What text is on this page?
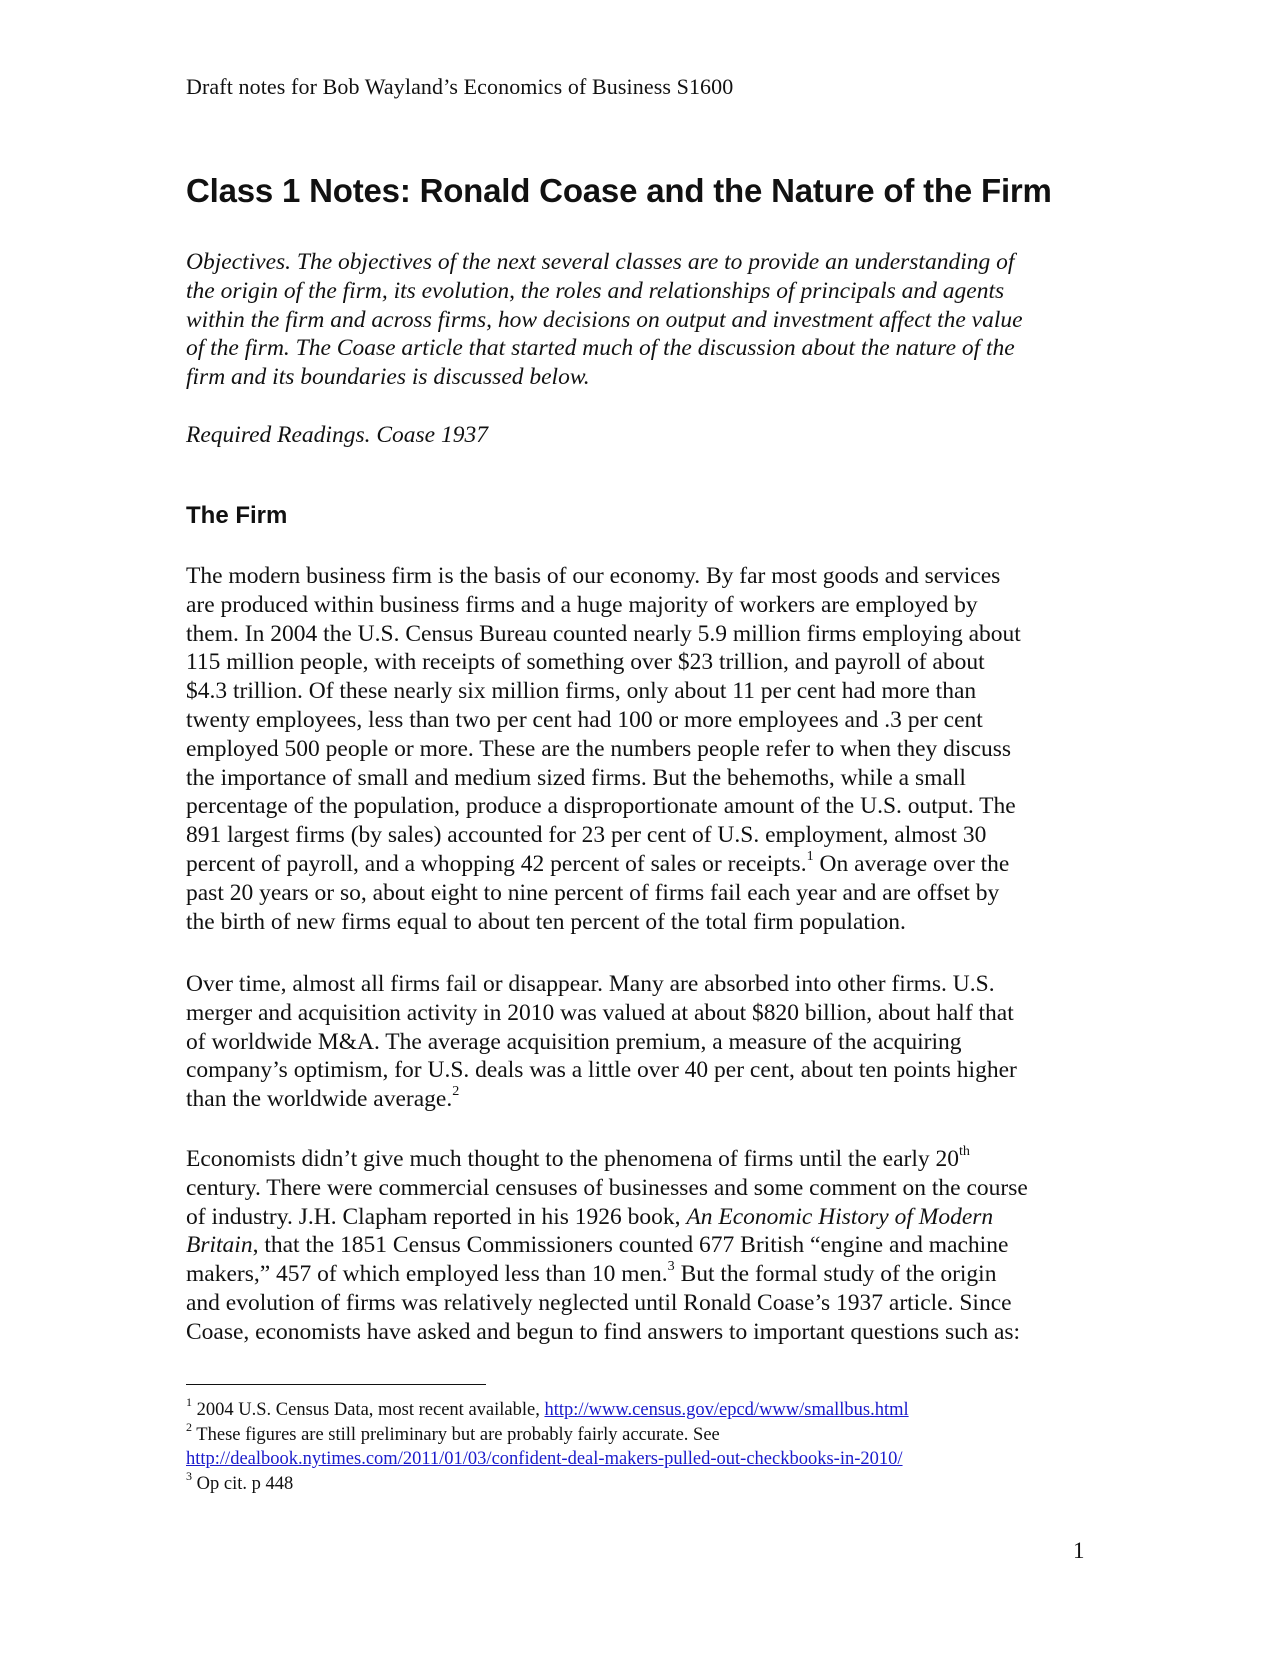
Draft notes for Bob Wayland’s Economics of Business S1600
Class 1 Notes: Ronald Coase and the Nature of the Firm

Objectives. The objectives of the next several classes are to provide an understanding of
the origin of the firm, its evolution, the roles and relationships of principals and agents
within the firm and across firms, how decisions on output and investment affect the value
of the firm. The Coase article that started much of the discussion about the nature of the
firm and its boundaries is discussed below.

Required Readings. Coase 1937

The Firm

The modern business firm is the basis of our economy. By far most goods and services
are produced within business firms and a huge majority of workers are employed by
them. In 2004 the U.S. Census Bureau counted nearly 5.9 million firms employing about
115 million people, with receipts of something over $23 trillion, and payroll of about
$4.3 trillion. Of these nearly six million firms, only about 11 per cent had more than
twenty employees, less than two per cent had 100 or more employees and .3 per cent
employed 500 people or more. These are the numbers people refer to when they discuss
the importance of small and medium sized firms. But the behemoths, while a small
percentage of the population, produce a disproportionate amount of the U.S. output. The
891 largest firms (by sales) accounted for 23 per cent of U.S. employment, almost 30
percent of payroll, and a whopping 42 percent of sales or receipts.$^1$ On average over the
past 20 years or so, about eight to nine percent of firms fail each year and are offset by
the birth of new firms equal to about ten percent of the total firm population.

Over time, almost all firms fail or disappear. Many are absorbed into other firms. U.S.
merger and acquisition activity in 2010 was valued at about $820 billion, about half that
of worldwide M&A. The average acquisition premium, a measure of the acquiring
company’s optimism, for U.S. deals was a little over 40 per cent, about ten points higher
than the worldwide average.$^2$

Economists didn’t give much thought to the phenomena of firms until the early 20th
century. There were commercial censuses of businesses and some comment on the course
of industry. J.H. Clapham reported in his 1926 book, An Economic History of Modern
Britain, that the 1851 Census Commissioners counted 677 British “engine and machine
makers,” 457 of which employed less than 10 men.$^3$ But the formal study of the origin
and evolution of firms was relatively neglected until Ronald Coase’s 1937 article. Since
Coase, economists have asked and begun to find answers to important questions such as:

$^1$ 2004 U.S. Census Data, most recent available, http://www.census.gov/epcd/www/smallbus.html
$^2$ These figures are still preliminary but are probably fairly accurate. See
http://dealbook.nytimes.com/2011/01/03/confident-deal-makers-pulled-out-checkbooks-in-2010/
$^3$ Op cit. p 448
1
